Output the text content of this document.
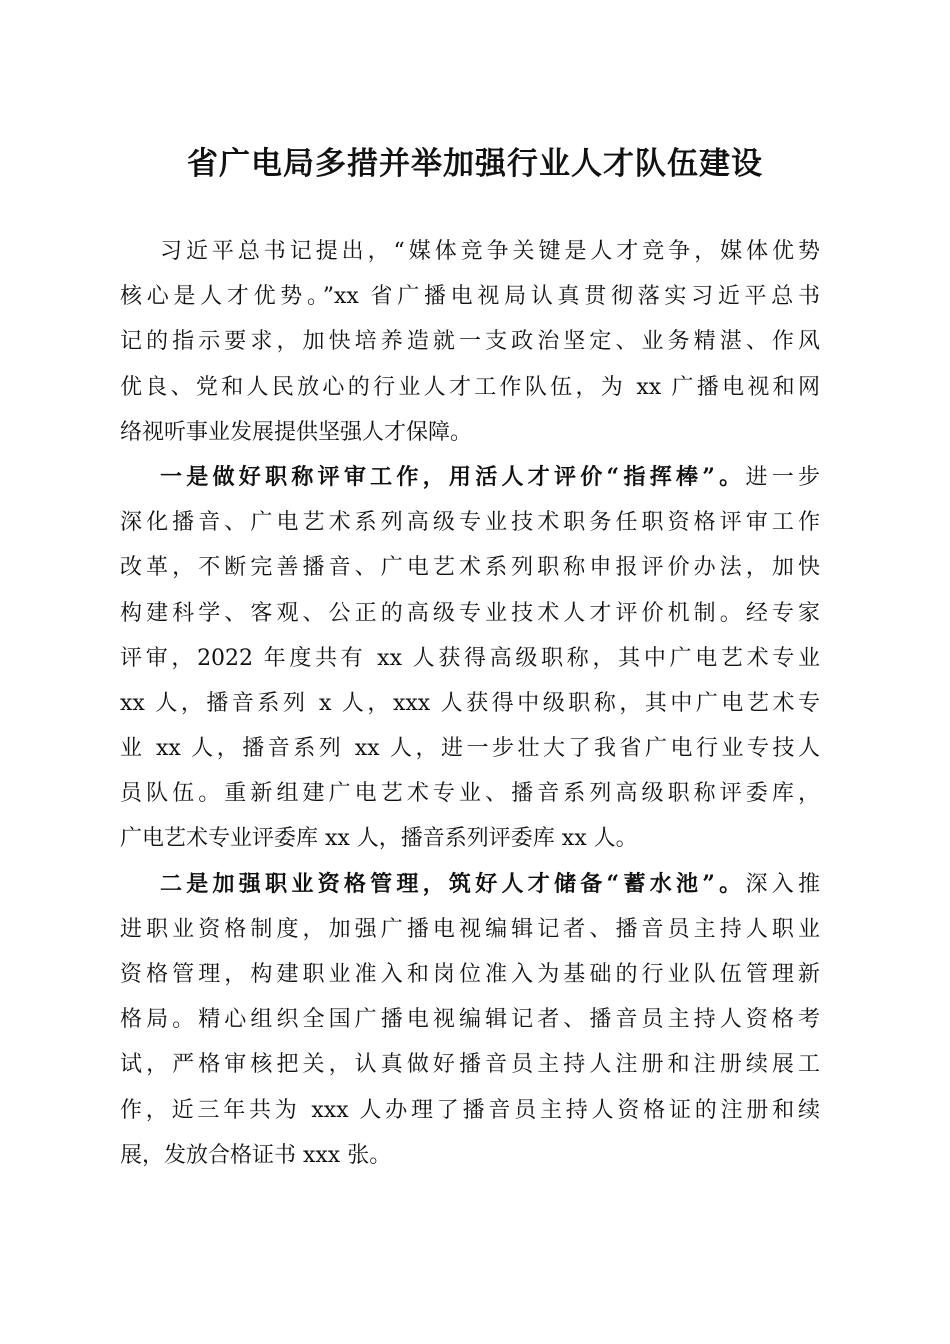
省广电局多措并举加强行业人才队伍建设
习近平总书记提出，“媒体竞争关键是人才竞争，媒体优势
核心是人才优势。”xx 省广播电视局认真贯彻落实习近平总书
记的指示要求，加快培养造就一支政治坚定、业务精湛、作风
优良、党和人民放心的行业人才工作队伍，为 xx 广播电视和网
络视听事业发展提供坚强人才保障。
一是做好职称评审工作，用活人才评价“指挥棒”。进一步
深化播音、广电艺术系列高级专业技术职务任职资格评审工作
改革，不断完善播音、广电艺术系列职称申报评价办法，加快
构建科学、客观、公正的高级专业技术人才评价机制。经专家
评审，2022 年度共有 xx 人获得高级职称，其中广电艺术专业
xx 人，播音系列 x 人，xxx 人获得中级职称，其中广电艺术专
业 xx 人，播音系列 xx 人，进一步壮大了我省广电行业专技人
员队伍。重新组建广电艺术专业、播音系列高级职称评委库，
广电艺术专业评委库 xx 人，播音系列评委库 xx 人。
二是加强职业资格管理，筑好人才储备“蓄水池”。深入推
进职业资格制度，加强广播电视编辑记者、播音员主持人职业
资格管理，构建职业准入和岗位准入为基础的行业队伍管理新
格局。精心组织全国广播电视编辑记者、播音员主持人资格考
试，严格审核把关，认真做好播音员主持人注册和注册续展工
作，近三年共为 xxx 人办理了播音员主持人资格证的注册和续
展，发放合格证书 xxx 张。
